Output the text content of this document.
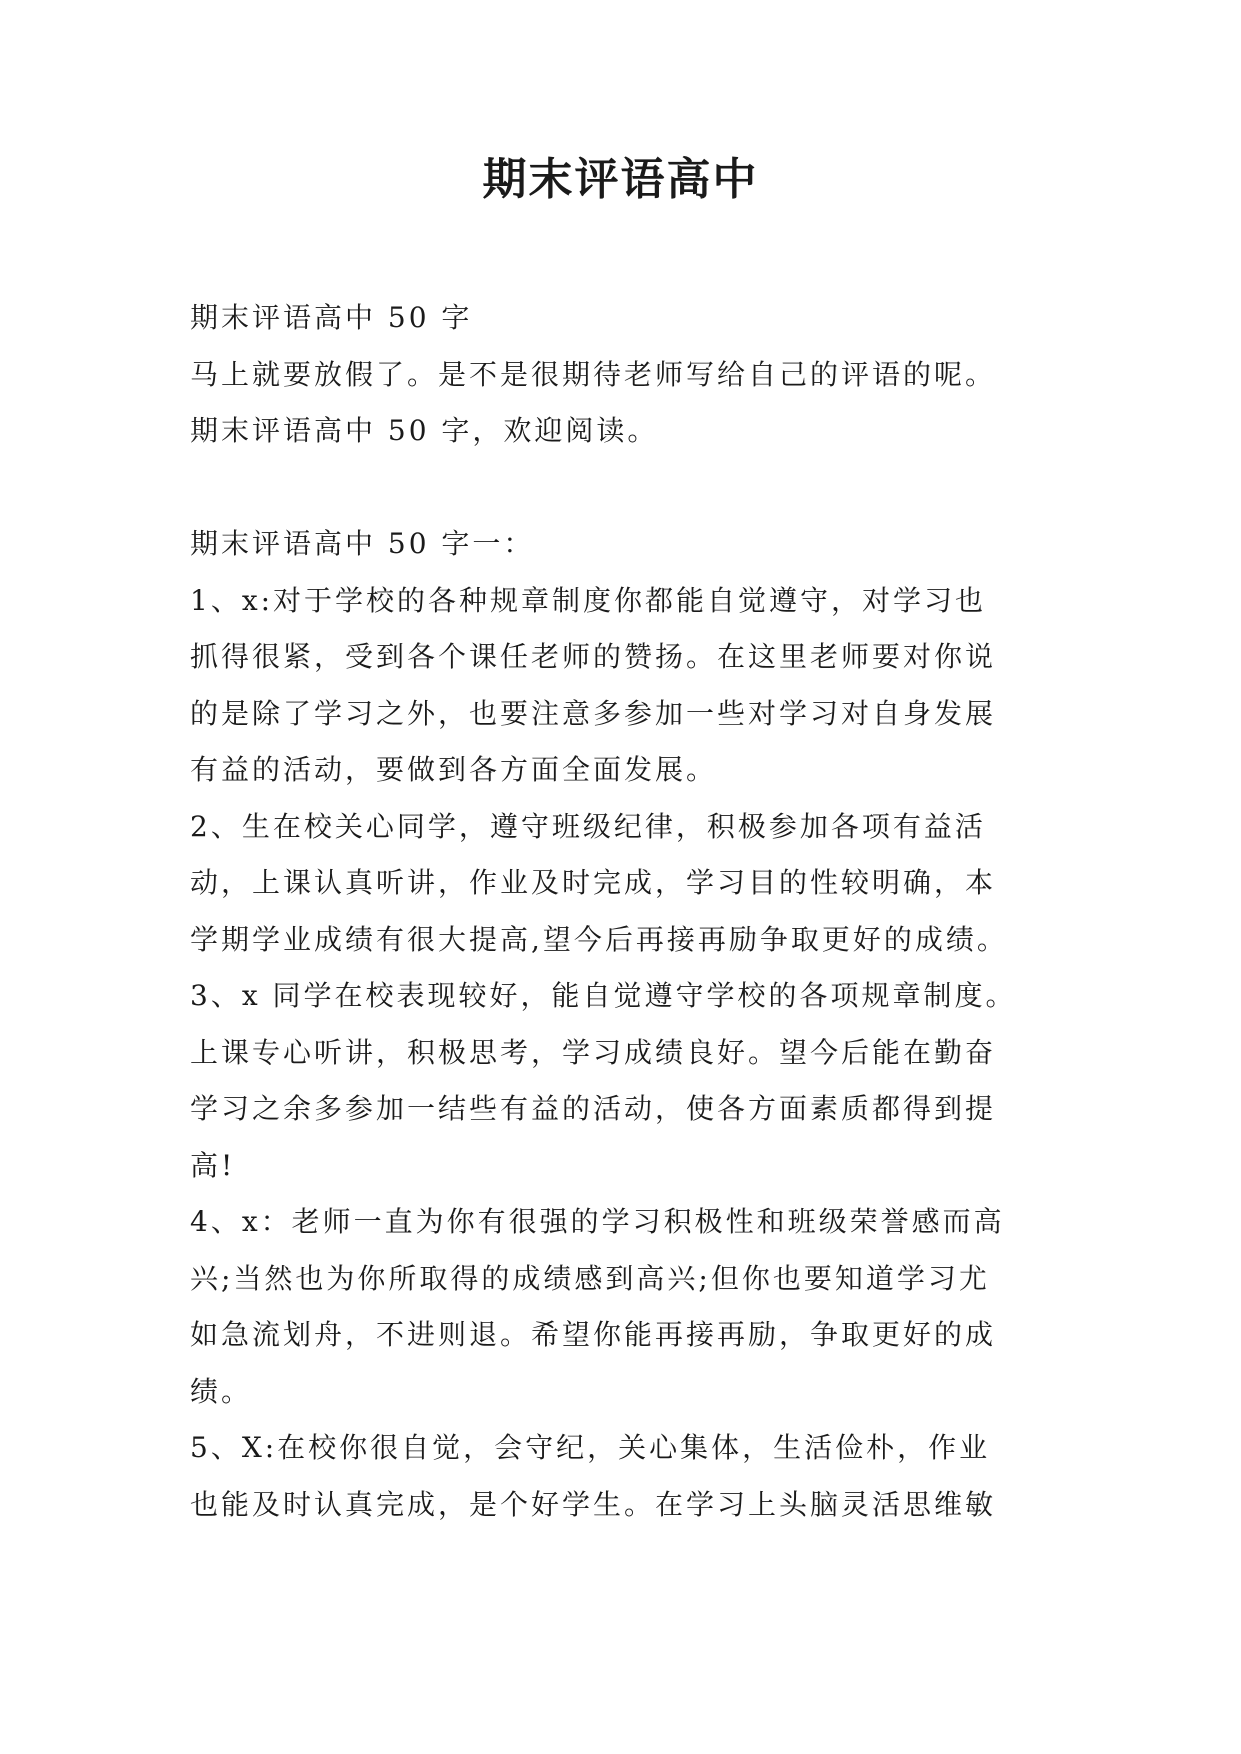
期末评语高中
期末评语高中 50 字
马上就要放假了。是不是很期待老师写给自己的评语的呢。
期末评语高中 50 字，欢迎阅读。
期末评语高中 50 字一：
1、x:对于学校的各种规章制度你都能自觉遵守，对学习也
抓得很紧，受到各个课任老师的赞扬。在这里老师要对你说
的是除了学习之外，也要注意多参加一些对学习对自身发展
有益的活动，要做到各方面全面发展。
2、生在校关心同学，遵守班级纪律，积极参加各项有益活
动，上课认真听讲，作业及时完成，学习目的性较明确，本
学期学业成绩有很大提高,望今后再接再励争取更好的成绩。
3、x 同学在校表现较好，能自觉遵守学校的各项规章制度。
上课专心听讲，积极思考，学习成绩良好。望今后能在勤奋
学习之余多参加一结些有益的活动，使各方面素质都得到提
高!
4、x：老师一直为你有很强的学习积极性和班级荣誉感而高
兴;当然也为你所取得的成绩感到高兴;但你也要知道学习尤
如急流划舟，不进则退。希望你能再接再励，争取更好的成
绩。
5、X:在校你很自觉，会守纪，关心集体，生活俭朴，作业
也能及时认真完成，是个好学生。在学习上头脑灵活思维敏
